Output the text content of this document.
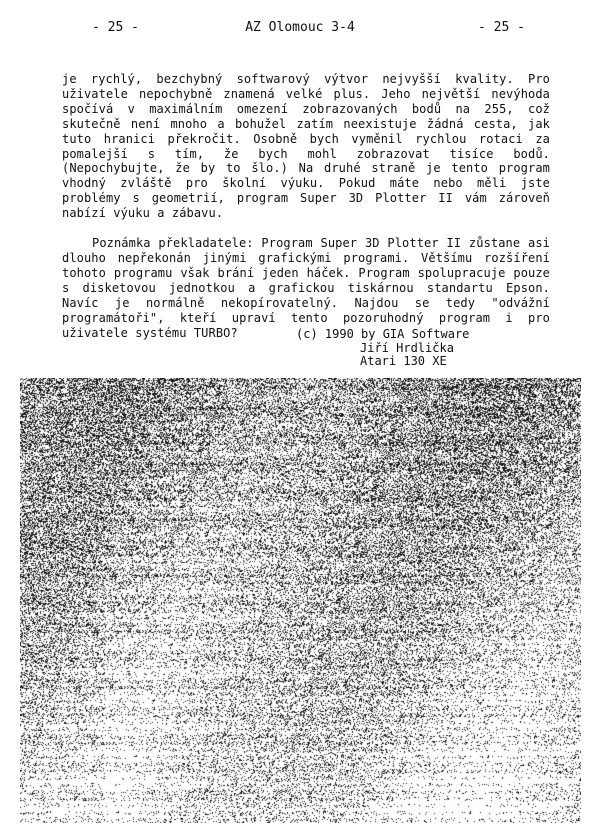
- 25 -	AZ Olomouc 3-4	- 25 -

je rychlý, bezchybný softwarový výtvor nejvyšší kvality. Pro uživatele nepochybně znamená velké plus. Jeho největší nevýhoda spočívá v maximálním omezení zobrazovaných bodů na 255, což skutečně není mnoho a bohužel zatím neexistuje žádná cesta, jak tuto hranici překročit. Osobně bych vyměnil rychlou rotaci za pomalejší s tím, že bych mohl zobrazovat tisíce bodů. (Nepochybujte, že by to šlo.) Na druhé straně je tento program vhodný zvláště pro školní výuku. Pokud máte nebo měli jste problémy s geometrií, program Super 3D Plotter II vám zároveň nabízí výuku a zábavu.

Poznámka překladatele: Program Super 3D Plotter II zůstane asi dlouho nepřekonán jinými grafickými programi. Většímu rozšíření tohoto programu však brání jeden háček. Program spolupracuje pouze s disketovou jednotkou a grafickou tiskárnou standartu Epson. Navíc je normálně nekopírovatelný. Najdou se tedy "odvážní programátoři", kteří upraví tento pozoruhodný program i pro uživatele systému TURBO?	(c) 1990 by GIA Software
Jiří Hrdlička
Atari 130 XE
